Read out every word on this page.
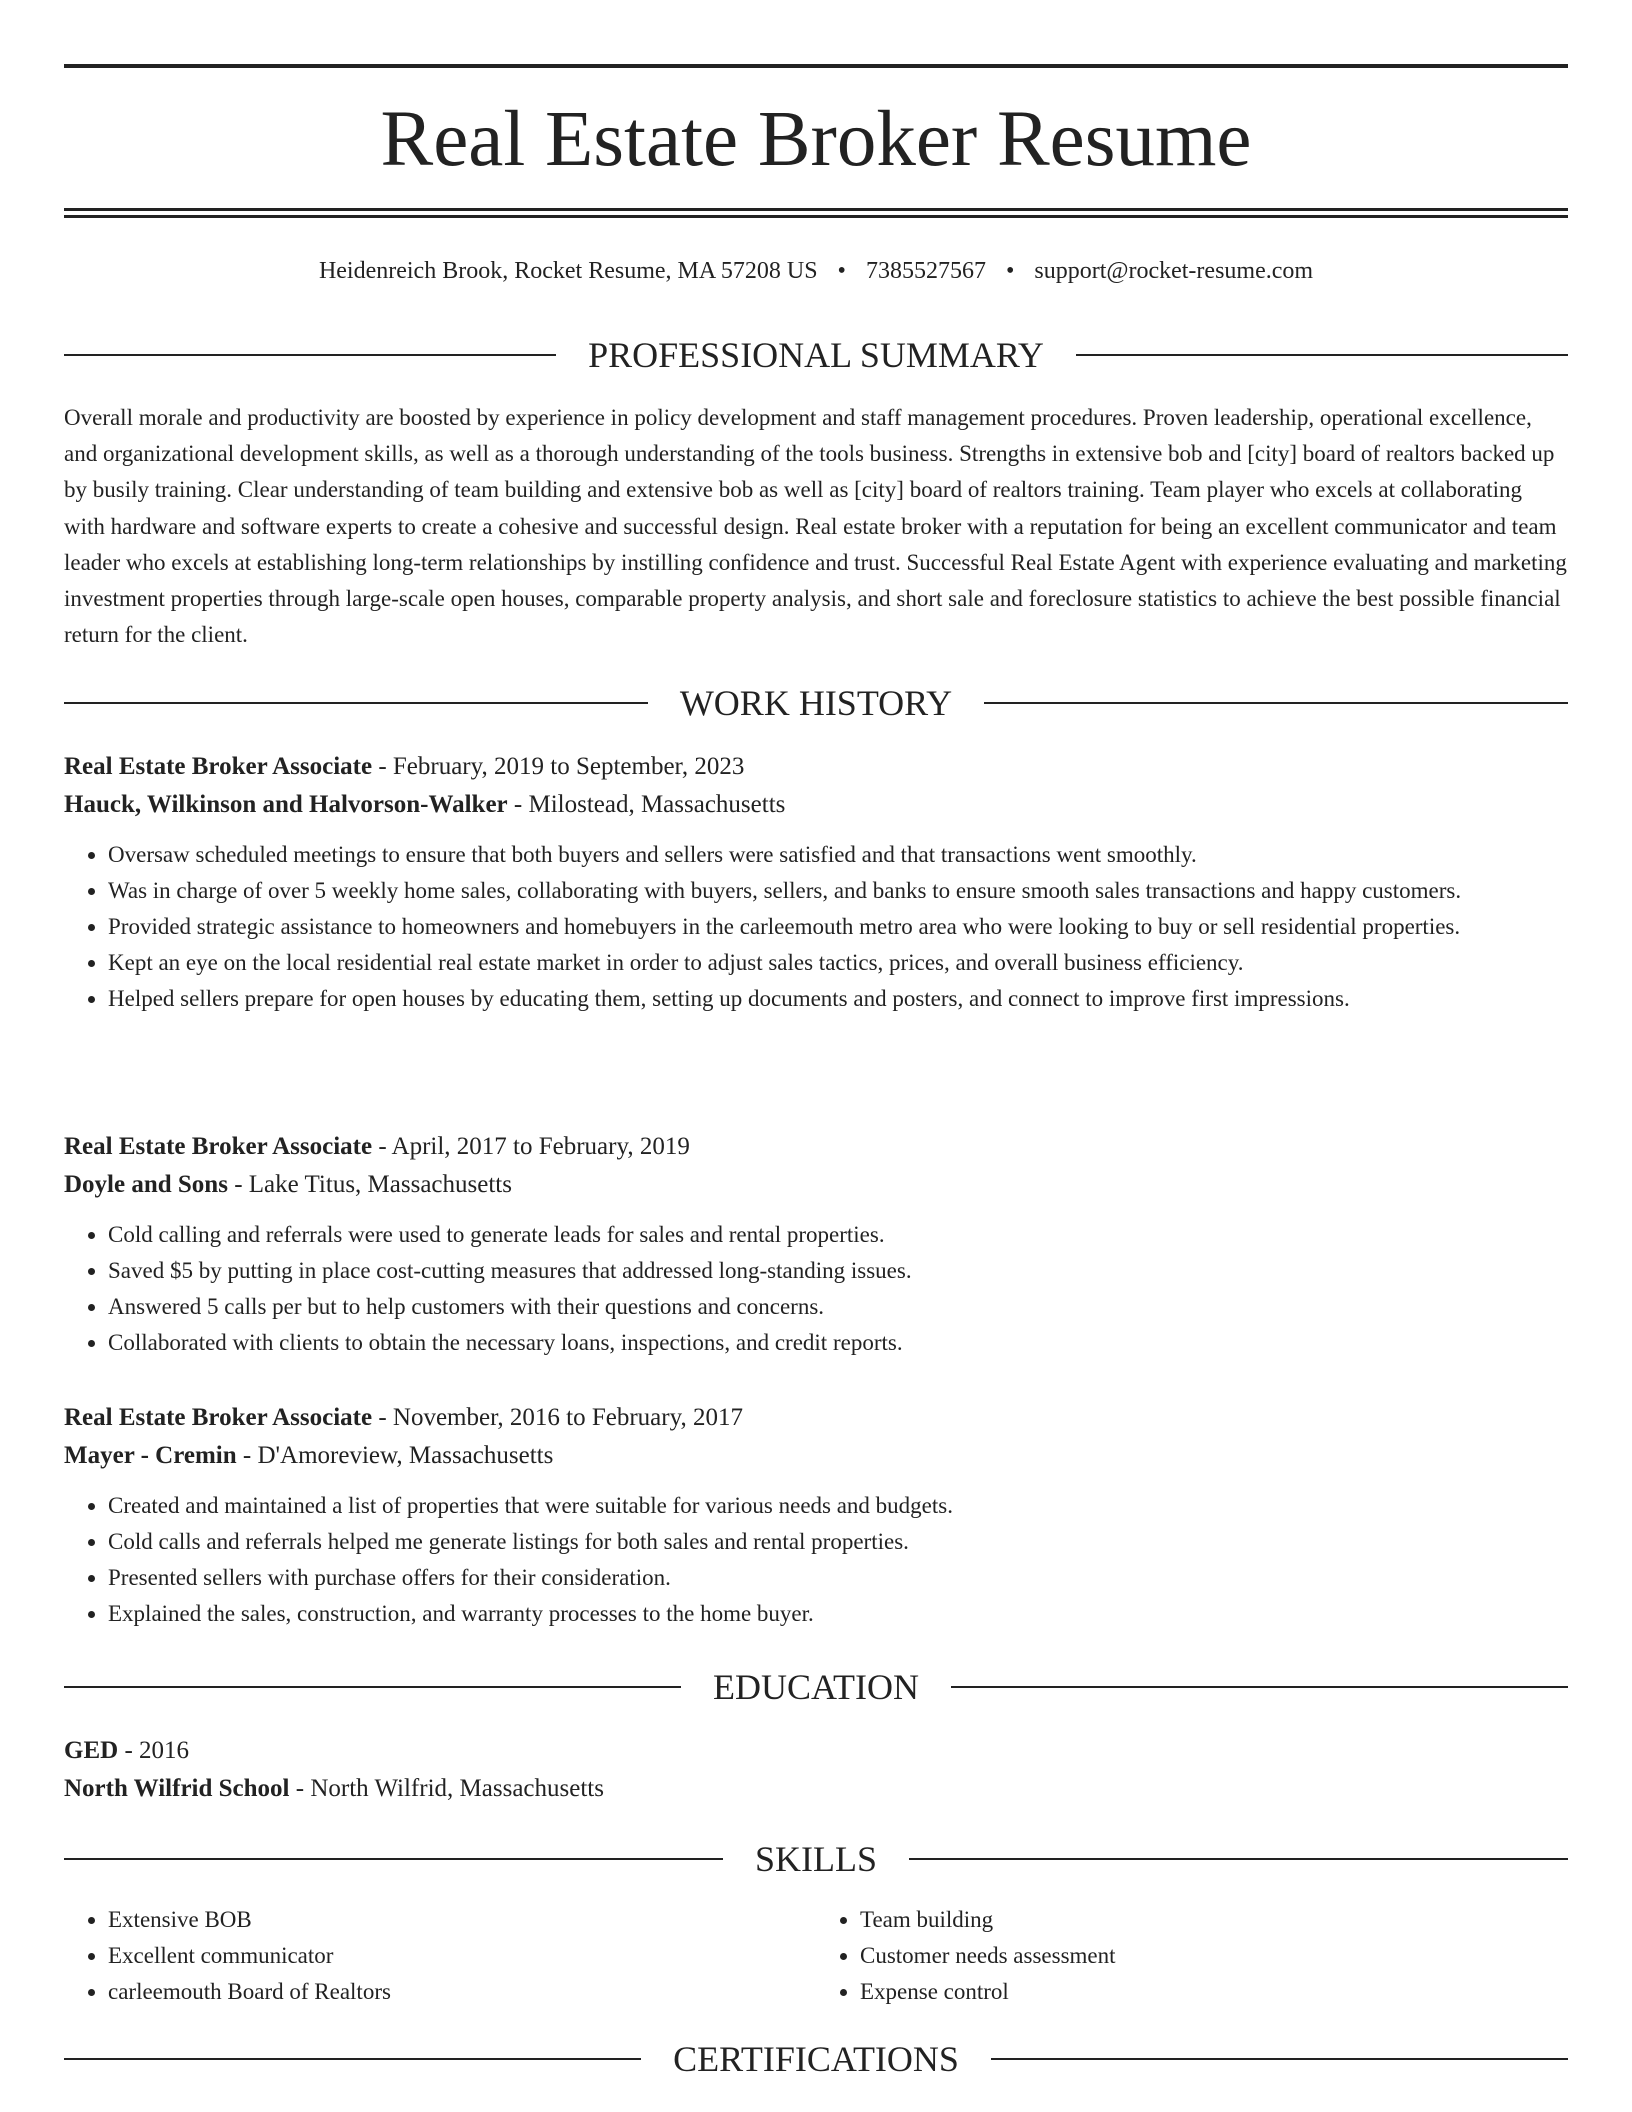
Real Estate Broker Resume
Heidenreich Brook, Rocket Resume, MA 57208 US • 7385527567 • support@rocket-resume.com
PROFESSIONAL SUMMARY

Overall morale and productivity are boosted by experience in policy development and staff management procedures. Proven leadership, operational excellence, and organizational development skills, as well as a thorough understanding of the tools business. Strengths in extensive bob and [city] board of realtors backed up by busily training. Clear understanding of team building and extensive bob as well as [city] board of realtors training. Team player who excels at collaborating with hardware and software experts to create a cohesive and successful design. Real estate broker with a reputation for being an excellent communicator and team leader who excels at establishing long-term relationships by instilling confidence and trust. Successful Real Estate Agent with experience evaluating and marketing investment properties through large-scale open houses, comparable property analysis, and short sale and foreclosure statistics to achieve the best possible financial return for the client.

WORK HISTORY
Real Estate Broker Associate - February, 2019 to September, 2023
Hauck, Wilkinson and Halvorson-Walker - Milostead, Massachusetts
• Oversaw scheduled meetings to ensure that both buyers and sellers were satisfied and that transactions went smoothly.
• Was in charge of over 5 weekly home sales, collaborating with buyers, sellers, and banks to ensure smooth sales transactions and happy customers.
• Provided strategic assistance to homeowners and homebuyers in the carleemouth metro area who were looking to buy or sell residential properties.
• Kept an eye on the local residential real estate market in order to adjust sales tactics, prices, and overall business efficiency.
• Helped sellers prepare for open houses by educating them, setting up documents and posters, and connect to improve first impressions.
Real Estate Broker Associate - April, 2017 to February, 2019
Doyle and Sons - Lake Titus, Massachusetts
• Cold calling and referrals were used to generate leads for sales and rental properties.
• Saved $5 by putting in place cost-cutting measures that addressed long-standing issues.
• Answered 5 calls per but to help customers with their questions and concerns.
• Collaborated with clients to obtain the necessary loans, inspections, and credit reports.
Real Estate Broker Associate - November, 2016 to February, 2017
Mayer - Cremin - D'Amoreview, Massachusetts
• Created and maintained a list of properties that were suitable for various needs and budgets.
• Cold calls and referrals helped me generate listings for both sales and rental properties.
• Presented sellers with purchase offers for their consideration.
• Explained the sales, construction, and warranty processes to the home buyer.
EDUCATION
GED - 2016
North Wilfrid School - North Wilfrid, Massachusetts
SKILLS
• Extensive BOB
• Excellent communicator
• carleemouth Board of Realtors
• Team building
• Customer needs assessment
• Expense control
CERTIFICATIONS
